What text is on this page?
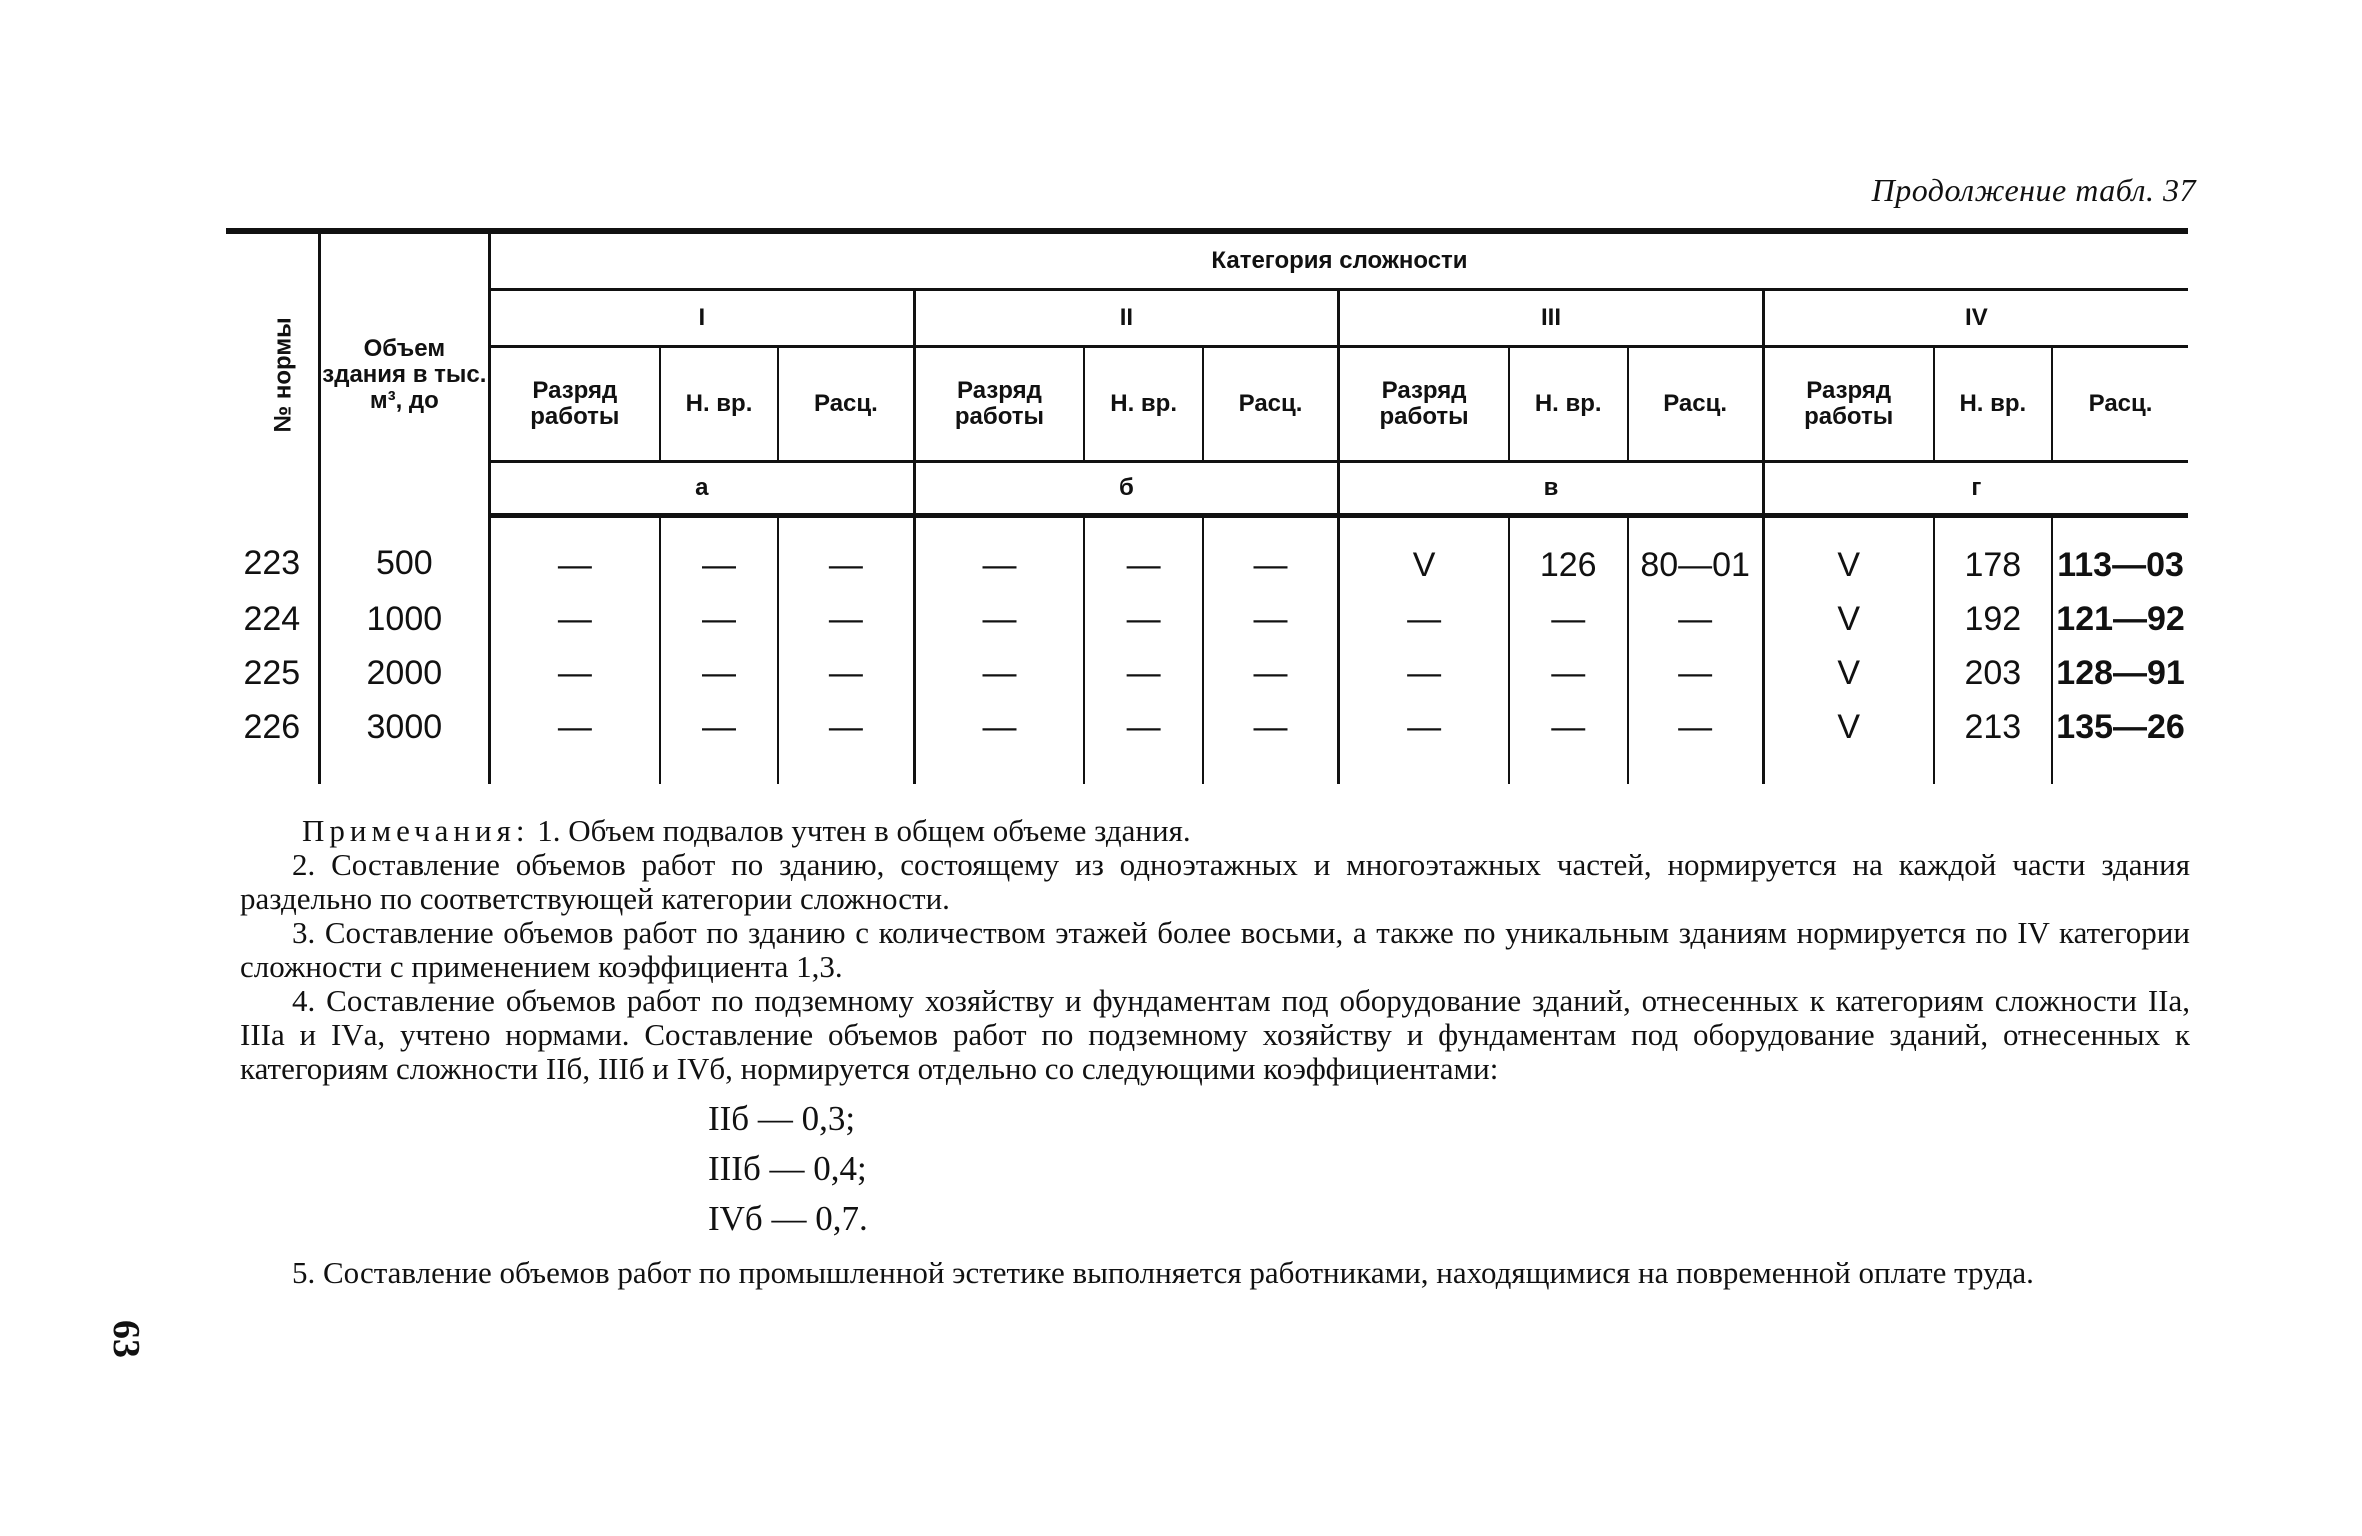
Продолжение табл. 37
№ нормы	Объем здания в тыс. м³, до	Категория сложности											
		I			II			III			IV		
		Разряд работы	Н. вр.	Расц.	Разряд работы	Н. вр.	Расц.	Разряд работы	Н. вр.	Расц.	Разряд работы	Н. вр.	Расц.
		а			б			в			г		
223	500	—	—	—	—	—	—	V	126	80—01	V	178	113—03
224	1000	—	—	—	—	—	—	—	—	—	V	192	121—92
225	2000	—	—	—	—	—	—	—	—	—	V	203	128—91
226	3000	—	—	—	—	—	—	—	—	—	V	213	135—26

Примечания: 1. Объем подвалов учтен в общем объеме здания.

2. Составление объемов работ по зданию, состоящему из одноэтажных и многоэтажных частей, нормируется на каждой части здания раздельно по соответствующей категории сложности.

3. Составление объемов работ по зданию с количеством этажей более восьми, а также по уникальным зданиям нормируется по IV категории сложности с применением коэффициента 1,3.

4. Составление объемов работ по подземному хозяйству и фундаментам под оборудование зданий, отнесенных к категориям сложности IIа, IIIа и IVа, учтено нормами. Составление объемов работ по подземному хозяйству и фундаментам под оборудование зданий, отнесенных к категориям сложности IIб, IIIб и IVб, нормируется отдельно со следующими коэффициентами:

IIб — 0,3;
IIIб — 0,4;
IVб — 0,7.

5. Составление объемов работ по промышленной эстетике выполняется работниками, находящимися на повременной оплате труда.

63
